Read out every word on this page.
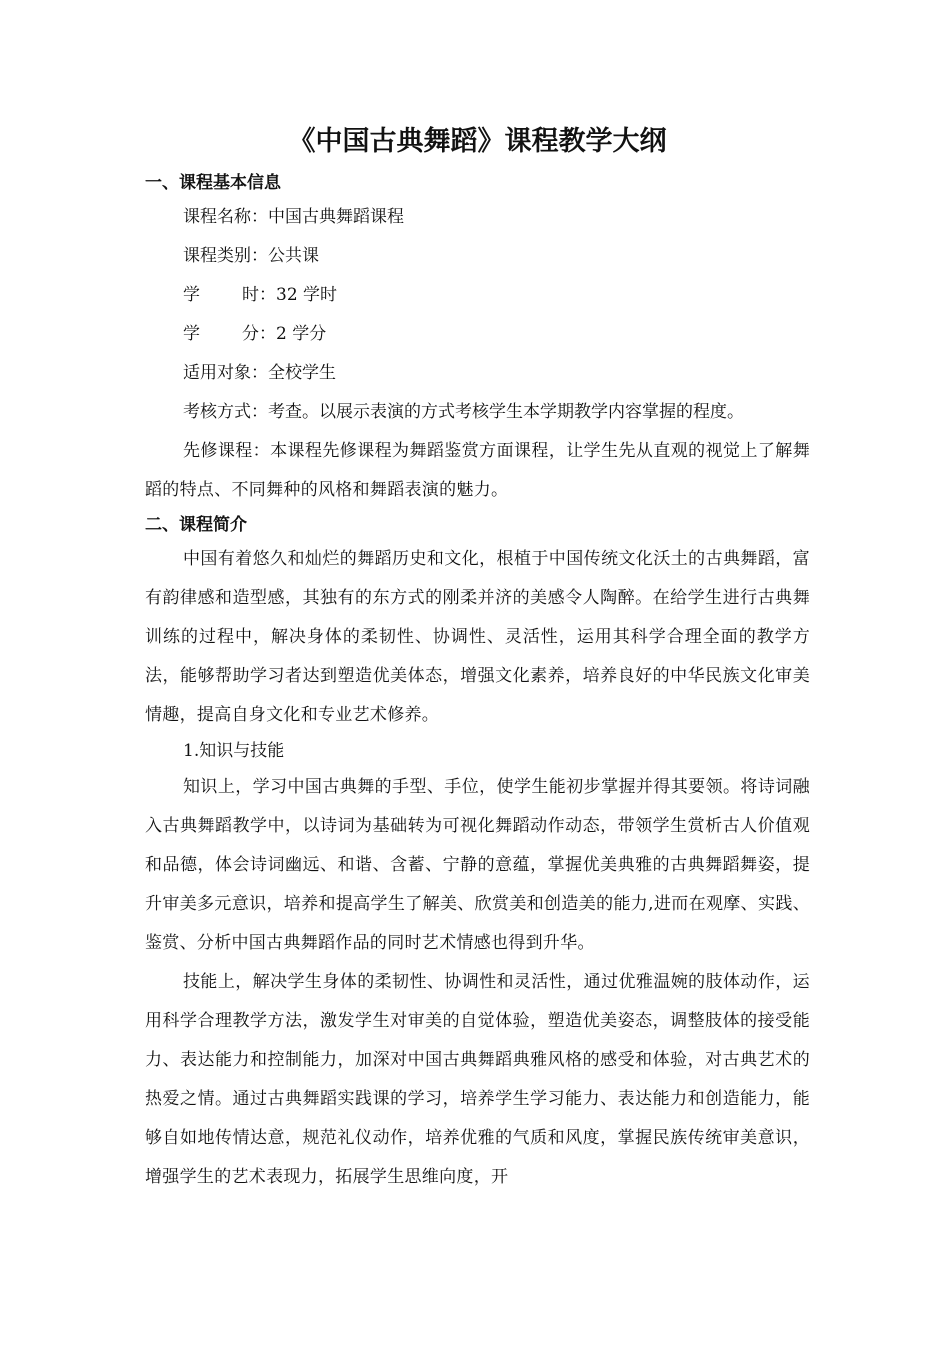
《中国古典舞蹈》课程教学大纲
一、课程基本信息
课程名称：中国古典舞蹈课程
课程类别：公共课
学 时：32 学时
学 分：2 学分
适用对象：全校学生
考核方式：考查。以展示表演的方式考核学生本学期教学内容掌握的程度。

先修课程：本课程先修课程为舞蹈鉴赏方面课程，让学生先从直观的视觉上了解舞蹈的特点、不同舞种的风格和舞蹈表演的魅力。

二、课程简介

中国有着悠久和灿烂的舞蹈历史和文化，根植于中国传统文化沃土的古典舞蹈，富有韵律感和造型感，其独有的东方式的刚柔并济的美感令人陶醉。在给学生进行古典舞训练的过程中，解决身体的柔韧性、协调性、灵活性，运用其科学合理全面的教学方法，能够帮助学习者达到塑造优美体态，增强文化素养，培养良好的中华民族文化审美情趣，提高自身文化和专业艺术修养。

1.知识与技能

知识上，学习中国古典舞的手型、手位，使学生能初步掌握并得其要领。将诗词融入古典舞蹈教学中，以诗词为基础转为可视化舞蹈动作动态，带领学生赏析古人价值观和品德，体会诗词幽远、和谐、含蓄、宁静的意蕴，掌握优美典雅的古典舞蹈舞姿，提升审美多元意识，培养和提高学生了解美、欣赏美和创造美的能力,进而在观摩、实践、鉴赏、分析中国古典舞蹈作品的同时艺术情感也得到升华。

技能上，解决学生身体的柔韧性、协调性和灵活性，通过优雅温婉的肢体动作，运用科学合理教学方法，激发学生对审美的自觉体验，塑造优美姿态，调整肢体的接受能力、表达能力和控制能力，加深对中国古典舞蹈典雅风格的感受和体验，对古典艺术的热爱之情。通过古典舞蹈实践课的学习，培养学生学习能力、表达能力和创造能力，能够自如地传情达意，规范礼仪动作，培养优雅的气质和风度，掌握民族传统审美意识，增强学生的艺术表现力，拓展学生思维向度，开
